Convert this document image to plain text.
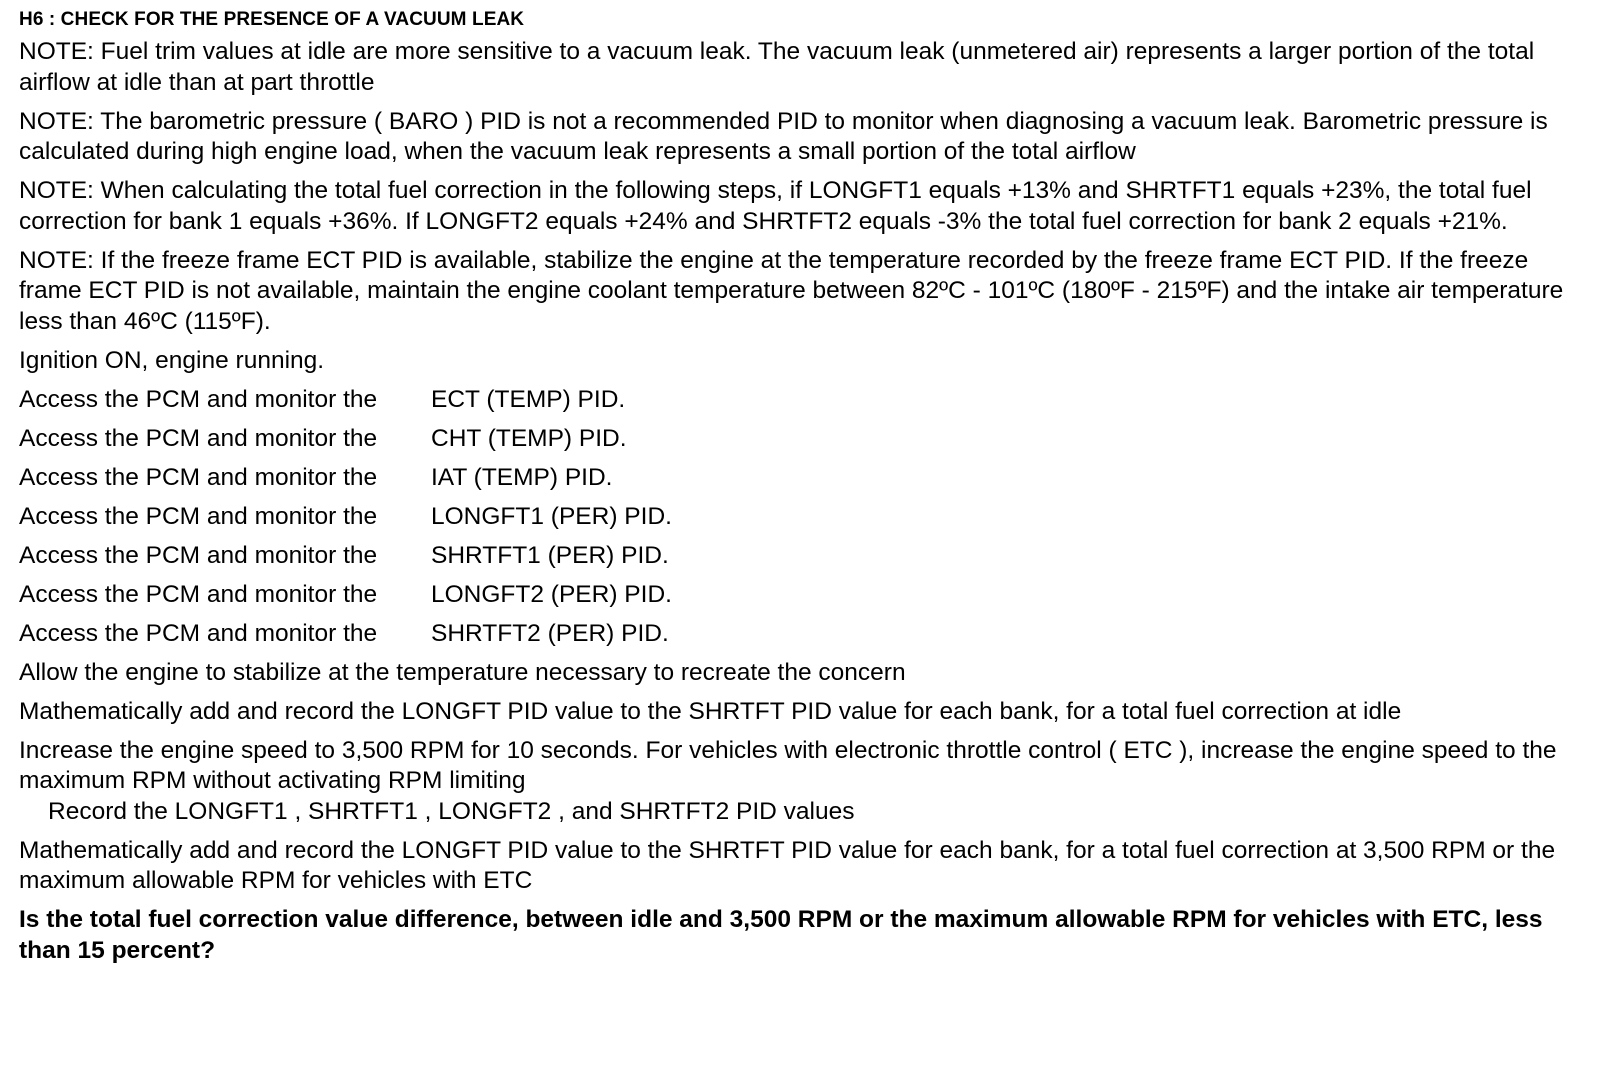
H6 : CHECK FOR THE PRESENCE OF A VACUUM LEAK
NOTE: Fuel trim values at idle are more sensitive to a vacuum leak. The vacuum leak (unmetered air) represents a larger portion of the total airflow at idle than at part throttle
NOTE: The barometric pressure ( BARO ) PID is not a recommended PID to monitor when diagnosing a vacuum leak. Barometric pressure is calculated during high engine load, when the vacuum leak represents a small portion of the total airflow
NOTE: When calculating the total fuel correction in the following steps, if LONGFT1 equals +13% and SHRTFT1 equals +23%, the total fuel correction for bank 1 equals +36%. If LONGFT2 equals +24% and SHRTFT2 equals -3% the total fuel correction for bank 2 equals +21%.
NOTE: If the freeze frame ECT PID is available, stabilize the engine at the temperature recorded by the freeze frame ECT PID. If the freeze frame ECT PID is not available, maintain the engine coolant temperature between 82ºC - 101ºC (180ºF - 215ºF) and the intake air temperature less than 46ºC (115ºF).
Ignition ON, engine running.
Access the PCM and monitor the	ECT (TEMP) PID.
Access the PCM and monitor the	CHT (TEMP) PID.
Access the PCM and monitor the	IAT (TEMP) PID.
Access the PCM and monitor the	LONGFT1 (PER) PID.
Access the PCM and monitor the	SHRTFT1 (PER) PID.
Access the PCM and monitor the	LONGFT2 (PER) PID.
Access the PCM and monitor the	SHRTFT2 (PER) PID.
Allow the engine to stabilize at the temperature necessary to recreate the concern
Mathematically add and record the LONGFT PID value to the SHRTFT PID value for each bank, for a total fuel correction at idle
Increase the engine speed to 3,500 RPM for 10 seconds. For vehicles with electronic throttle control ( ETC ), increase the engine speed to the maximum RPM without activating RPM limiting
Record the LONGFT1 , SHRTFT1 , LONGFT2 , and SHRTFT2 PID values
Mathematically add and record the LONGFT PID value to the SHRTFT PID value for each bank, for a total fuel correction at 3,500 RPM or the maximum allowable RPM for vehicles with ETC
Is the total fuel correction value difference, between idle and 3,500 RPM or the maximum allowable RPM for vehicles with ETC, less than 15 percent?
